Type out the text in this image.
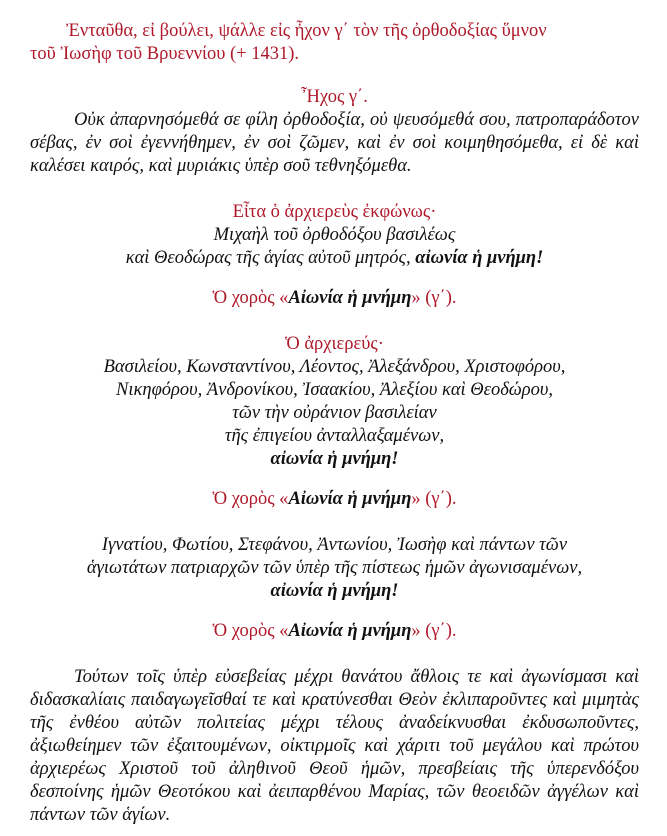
Ἐνταῦθα, εἰ βούλει, ψάλλε εἰς ἦχον γ΄ τὸν τῆς ὀρθοδοξίας ὕμνον

τοῦ Ἰωσὴφ τοῦ Βρυεννίου (+ 1431).

Ἦχος γ΄.

Οὐκ ἀπαρνησόμεθά σε φίλη ὀρθοδοξία, οὐ ψευσόμεθά σου, πατροπαράδοτον σέβας, ἐν σοὶ ἐγεννήθημεν, ἐν σοὶ ζῶμεν, καὶ ἐν σοὶ κοιμηθησόμεθα, εἰ δὲ καὶ καλέσει καιρός, καὶ μυριάκις ὑπὲρ σοῦ τεθνηξόμεθα.

Εἶτα ὁ ἀρχιερεὺς ἐκφώνως·

Μιχαὴλ τοῦ ὀρθοδόξου βασιλέως

καὶ Θεοδώρας τῆς ἁγίας αὐτοῦ μητρός, αἰωνία ἡ μνήμη!

Ὁ χορὸς «Αἰωνία ἡ μνήμη» (γ΄).

Ὁ ἀρχιερεύς·

Βασιλείου, Κωνσταντίνου, Λέοντος, Ἀλεξάνδρου, Χριστοφόρου,

Νικηφόρου, Ἀνδρονίκου, Ἰσαακίου, Ἀλεξίου καὶ Θεοδώρου,

τῶν τὴν οὐράνιον βασιλείαν

τῆς ἐπιγείου ἀνταλλαξαμένων,

αἰωνία ἡ μνήμη!

Ὁ χορὸς «Αἰωνία ἡ μνήμη» (γ΄).

Ιγνατίου, Φωτίου, Στεφάνου, Ἀντωνίου, Ἰωσὴφ καὶ πάντων τῶν

ἁγιωτάτων πατριαρχῶν τῶν ὑπὲρ τῆς πίστεως ἡμῶν ἀγωνισαμένων,

αἰωνία ἡ μνήμη!

Ὁ χορὸς «Αἰωνία ἡ μνήμη» (γ΄).

Τούτων τοῖς ὑπὲρ εὐσεβείας μέχρι θανάτου ἄθλοις τε καὶ ἀγωνίσμασι καὶ διδασκαλίαις παιδαγωγεῖσθαί τε καὶ κρατύνεσθαι Θεὸν ἐκλιπαροῦντες καὶ μιμητὰς τῆς ἐνθέου αὐτῶν πολιτείας μέχρι τέλους ἀναδείκνυσθαι ἐκδυσωποῦντες, ἀξιωθείημεν τῶν ἐξαιτουμένων, οἰκτιρμοῖς καὶ χάριτι τοῦ μεγάλου καὶ πρώτου ἀρχιερέως Χριστοῦ τοῦ ἀληθινοῦ Θεοῦ ἡμῶν, πρεσβείαις τῆς ὑπερενδόξου δεσποίνης ἡμῶν Θεοτόκου καὶ ἀειπαρθένου Μαρίας, τῶν θεοειδῶν ἀγγέλων καὶ πάντων τῶν ἁγίων.
